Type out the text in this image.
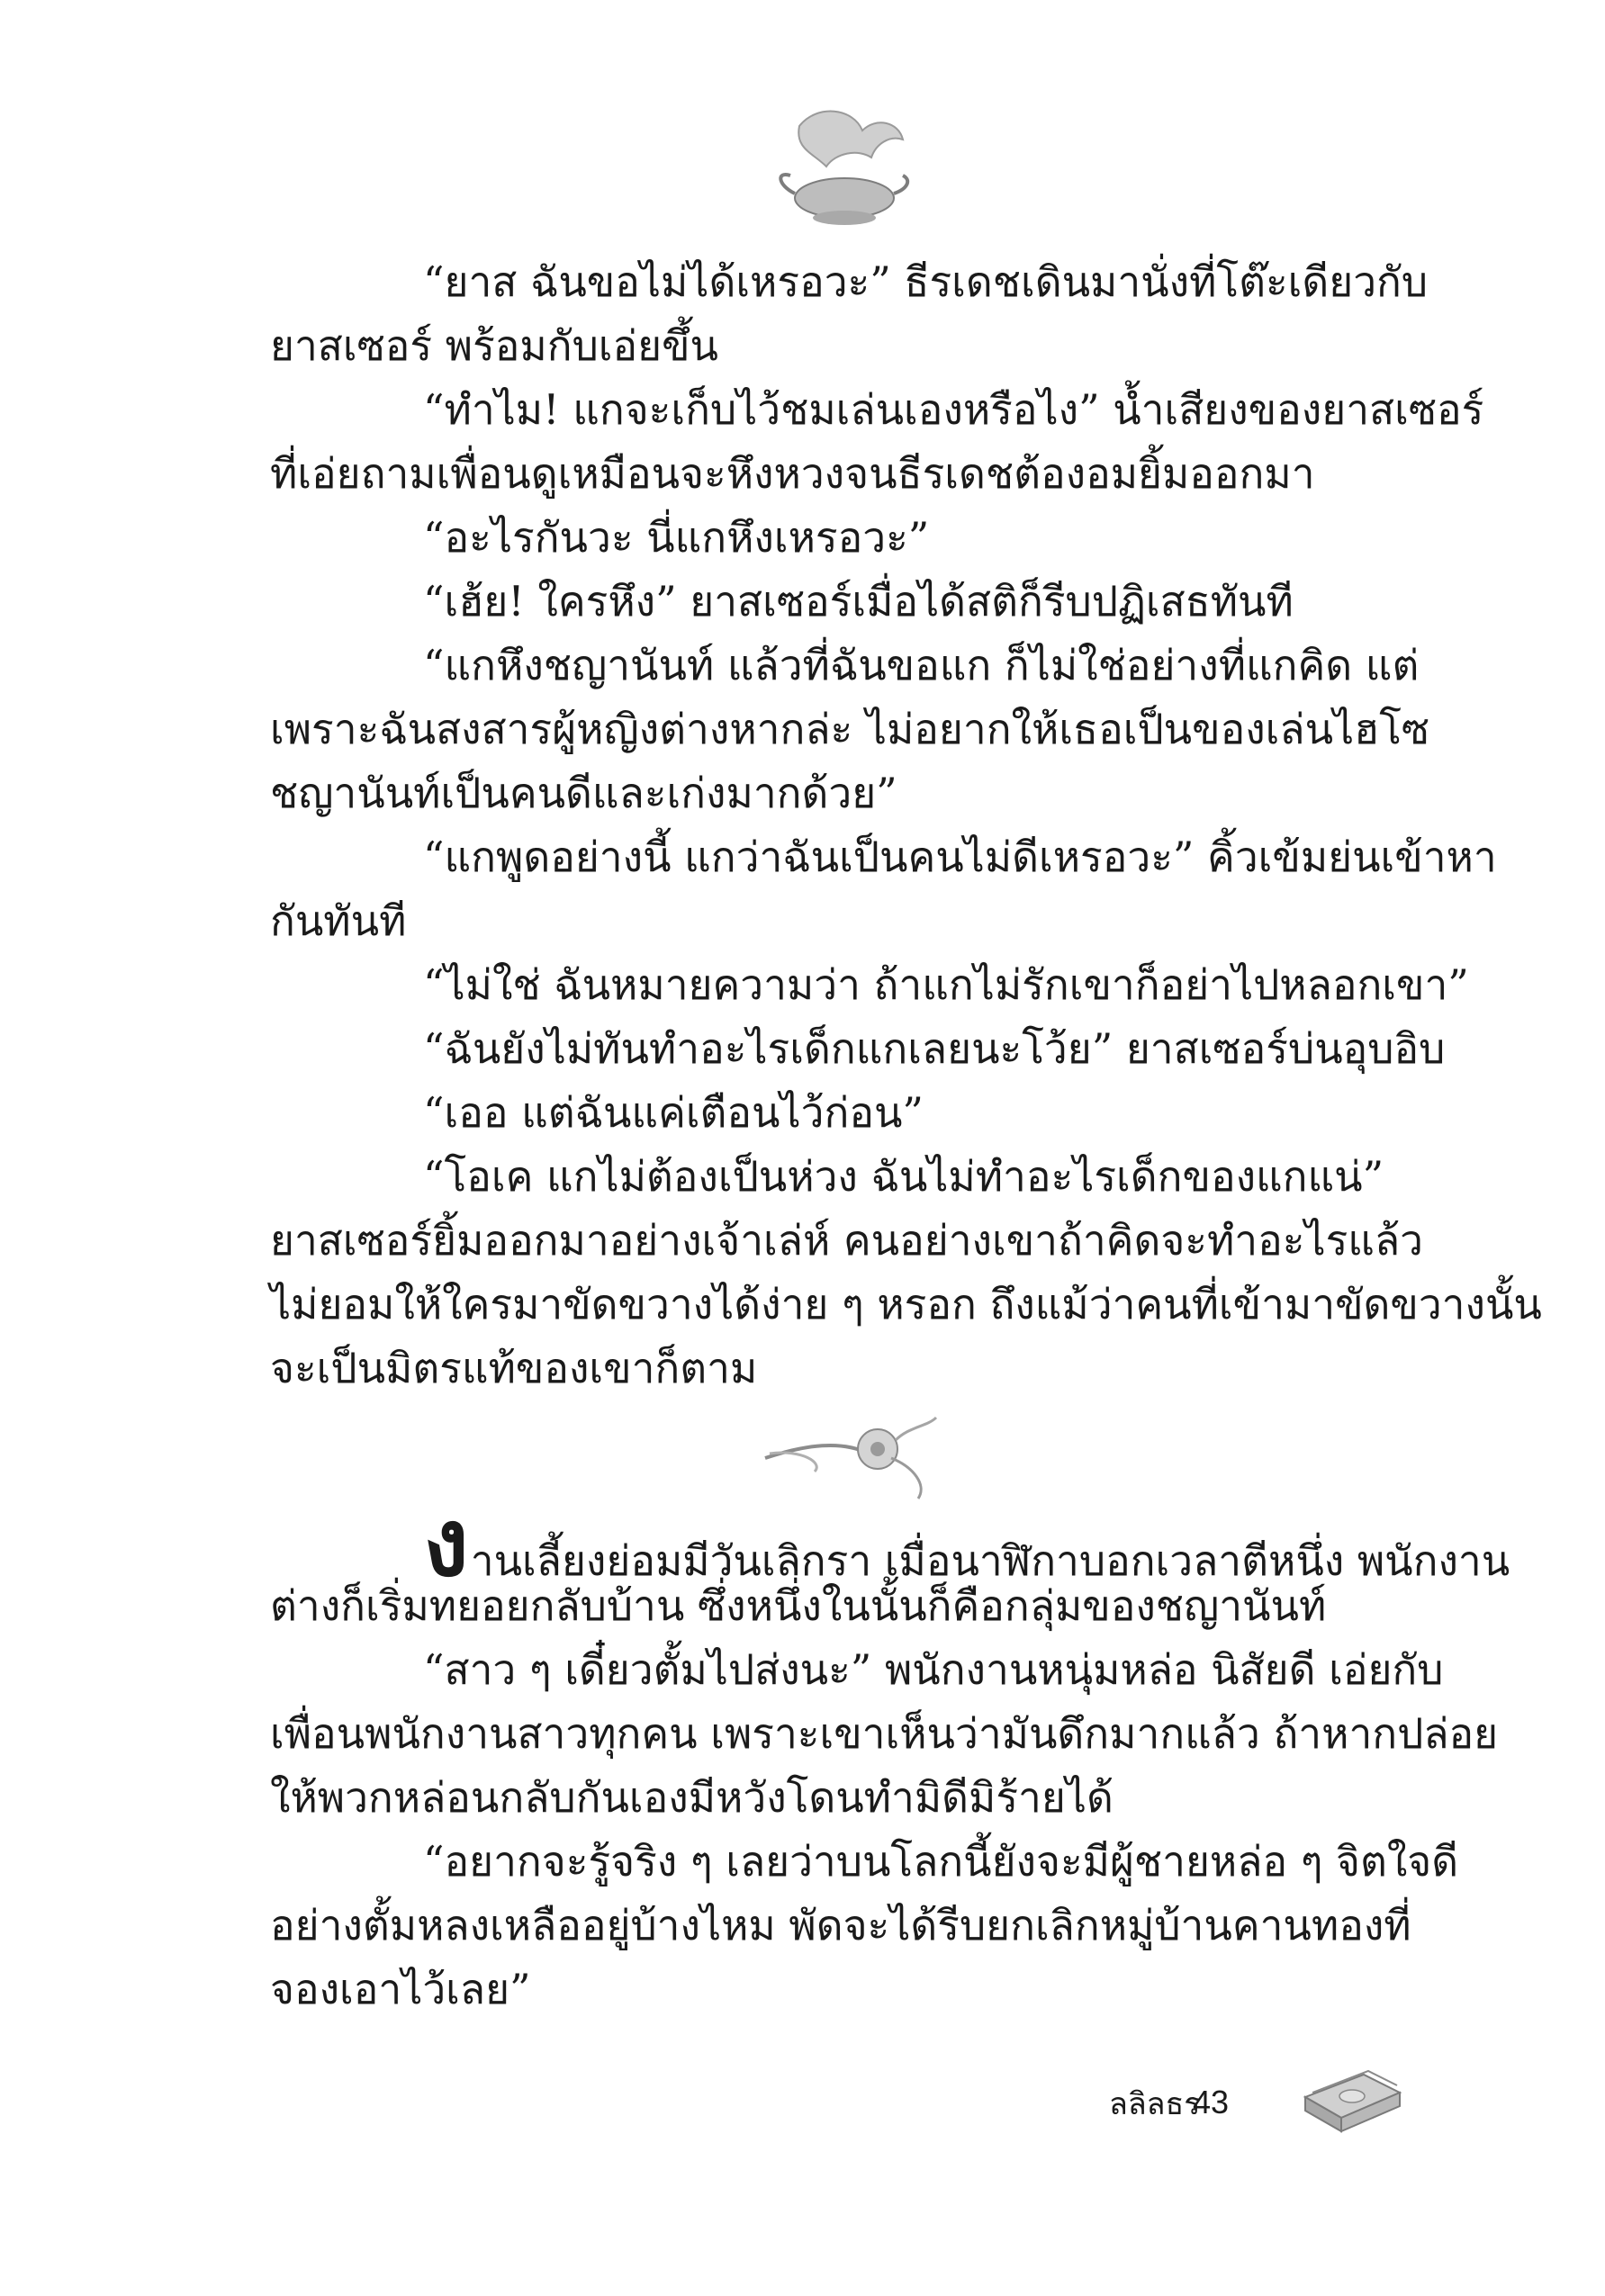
“ยาส ฉันขอไม่ได้เหรอวะ” ธีรเดชเดินมานั่งที่โต๊ะเดียวกับ
ยาสเซอร์ พร้อมกับเอ่ยขึ้น
“ทำไม! แกจะเก็บไว้ชมเล่นเองหรือไง” น้ำเสียงของยาสเซอร์
ที่เอ่ยถามเพื่อนดูเหมือนจะหึงหวงจนธีรเดชต้องอมยิ้มออกมา
“อะไรกันวะ นี่แกหึงเหรอวะ”
“เฮ้ย! ใครหึง” ยาสเซอร์เมื่อได้สติก็รีบปฏิเสธทันที
“แกหึงชญานันท์ แล้วที่ฉันขอแก ก็ไม่ใช่อย่างที่แกคิด แต่
เพราะฉันสงสารผู้หญิงต่างหากล่ะ ไม่อยากให้เธอเป็นของเล่นไฮโซ
ชญานันท์เป็นคนดีและเก่งมากด้วย”
“แกพูดอย่างนี้ แกว่าฉันเป็นคนไม่ดีเหรอวะ” คิ้วเข้มย่นเข้าหา
กันทันที
“ไม่ใช่ ฉันหมายความว่า ถ้าแกไม่รักเขาก็อย่าไปหลอกเขา”
“ฉันยังไม่ทันทำอะไรเด็กแกเลยนะโว้ย” ยาสเซอร์บ่นอุบอิบ
“เออ แต่ฉันแค่เตือนไว้ก่อน”
“โอเค แกไม่ต้องเป็นห่วง ฉันไม่ทำอะไรเด็กของแกแน่”
ยาสเซอร์ยิ้มออกมาอย่างเจ้าเล่ห์ คนอย่างเขาถ้าคิดจะทำอะไรแล้ว
ไม่ยอมให้ใครมาขัดขวางได้ง่าย ๆ หรอก ถึงแม้ว่าคนที่เข้ามาขัดขวางนั้น
จะเป็นมิตรแท้ของเขาก็ตาม
งานเลี้ยงย่อมมีวันเลิกรา เมื่อนาฬิกาบอกเวลาตีหนึ่ง พนักงาน
ต่างก็เริ่มทยอยกลับบ้าน ซึ่งหนึ่งในนั้นก็คือกลุ่มของชญานันท์
“สาว ๆ เดี๋ยวตั้มไปส่งนะ” พนักงานหนุ่มหล่อ นิสัยดี เอ่ยกับ
เพื่อนพนักงานสาวทุกคน เพราะเขาเห็นว่ามันดึกมากแล้ว ถ้าหากปล่อย
ให้พวกหล่อนกลับกันเองมีหวังโดนทำมิดีมิร้ายได้
“อยากจะรู้จริง ๆ เลยว่าบนโลกนี้ยังจะมีผู้ชายหล่อ ๆ จิตใจดี
อย่างตั้มหลงเหลืออยู่บ้างไหม พัดจะได้รีบยกเลิกหมู่บ้านคานทองที่
จองเอาไว้เลย”
ลลิลธร
43
